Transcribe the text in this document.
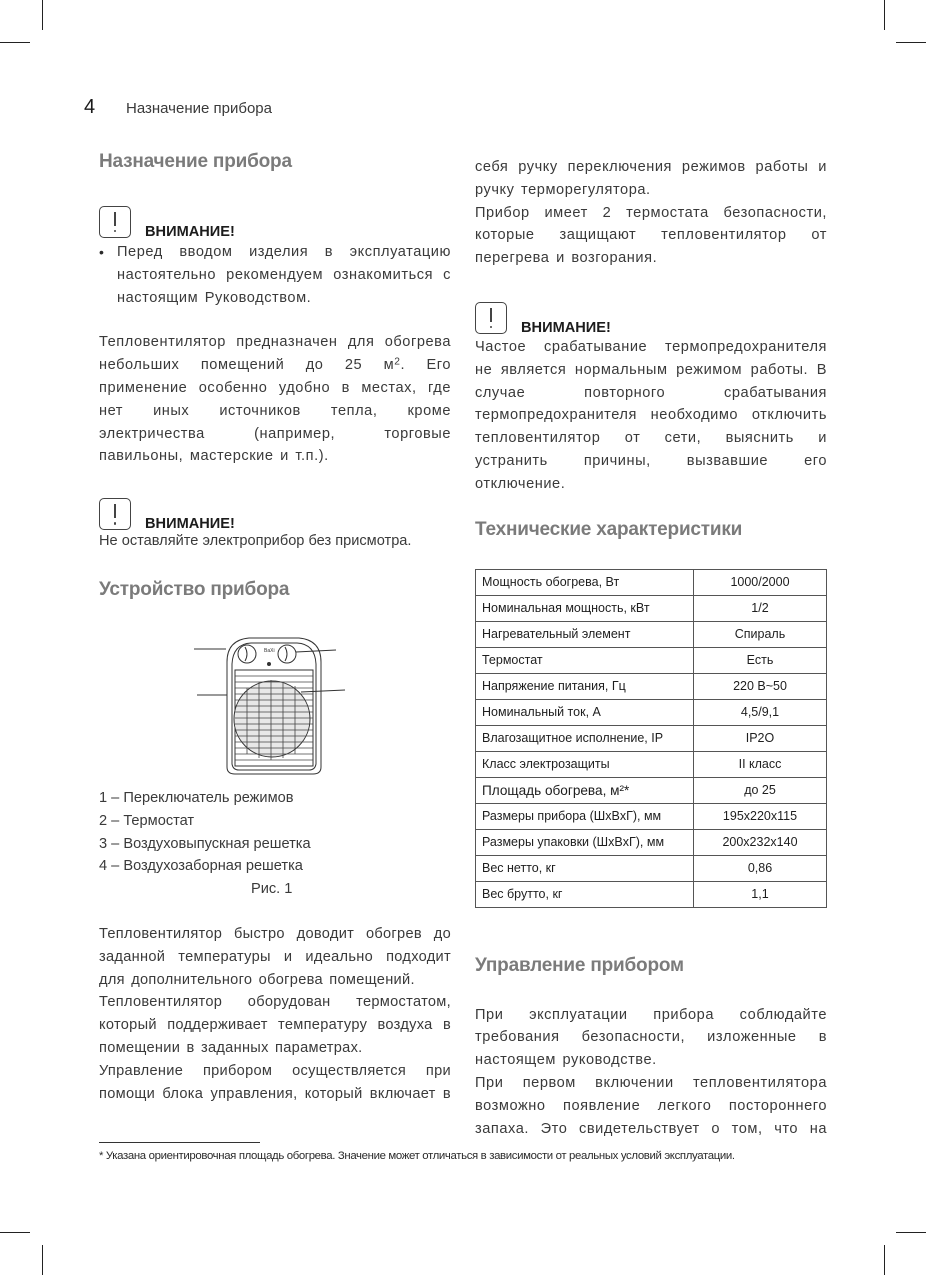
4	Назначение прибора
Назначение прибора
ВНИМАНИЕ!
• Перед вводом изделия в эксплуатацию настоятельно рекомендуем ознакомиться с настоящим Руководством.

Тепловентилятор предназначен для обогрева небольших помещений до 25 $м^2$. Его применение особенно удобно в местах, где нет иных источников тепла, кроме электричества (например, торговые павильоны, мастерские и т.п.).

ВНИМАНИЕ!

Не оставляйте электроприбор без присмотра.

Устройство прибора
BaXi
1 – Переключатель режимов
2 – Термостат
3 – Воздуховыпускная решетка
4 – Воздухозаборная решетка
Рис. 1

Тепловентилятор быстро доводит обогрев до заданной температуры и идеально подходит для дополнительного обогрева помещений.

Тепловентилятор оборудован термостатом, который поддерживает температуру воздуха в помещении в заданных параметрах.

Управление прибором осуществляется при помощи блока управления, который включает в

себя ручку переключения режимов работы и ручку терморегулятора.

Прибор имеет 2 термостата безопасности, которые защищают тепловентилятор от перегрева и возгорания.

ВНИМАНИЕ!

Частое срабатывание термопредохранителя не является нормальным режимом работы. В случае повторного срабатывания термопредохранителя необходимо отключить тепловентилятор от сети, выяснить и устранить причины, вызвавшие его отключение.

Технические характеристики
Мощность обогрева, Вт	1000/2000
Номинальная мощность, кВт	1/2
Нагревательный элемент	Спираль
Термостат	Есть
Напряжение питания, Гц	220 В~50
Номинальный ток, А	4,5/9,1
Влагозащитное исполнение, IP	IP2O
Класс электрозащиты	II класс
Площадь обогрева, м²*	до 25
Размеры прибора (ШxВxГ), мм	195x220x115
Размеры упаковки (ШxВxГ), мм	200x232x140
Вес нетто, кг	0,86
Вес брутто, кг	1,1
Управление прибором

При эксплуатации прибора соблюдайте требования безопасности, изложенные в настоящем руководстве.

При первом включении тепловентилятора возможно появление легкого постороннего запаха. Это свидетельствует о том, что на

* Указана ориентировочная площадь обогрева. Значение может отличаться в зависимости от реальных условий эксплуатации.
